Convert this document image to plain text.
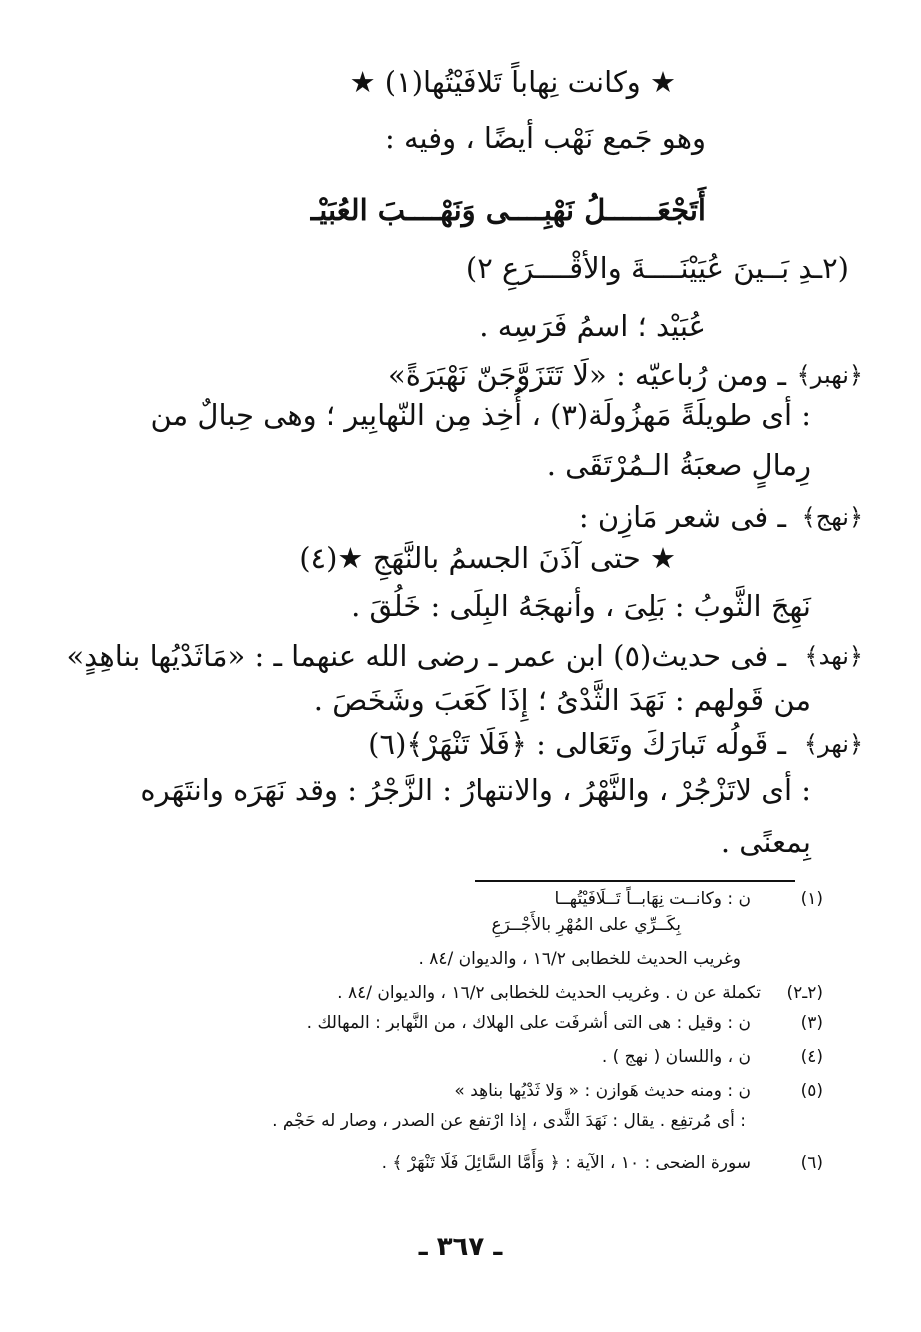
★ وكانت نِهاباً تَلافَيْتُها(١) ★
وهو جَمع نَهْب أيضًا ، وفيه :
أَتَجْعَــــــلُ نَهْبِــــى وَنَهْــــبَ العُبَيْـ
(٢ـدِ بَــينَ عُيَيْنَــــةَ والأقْــــرَعِ ٢)
عُبَيْد ؛ اسمُ فَرَسِه .
﴿نهبر﴾
ـ ومن رُباعيّه : «لَا تَتَزَوَّجَنّ نَهْبَرَةً»
: أى طويلَةً مَهزُولَة(٣) ، أُخِذ مِن النّهابِير ؛ وهى حِبالٌ من
رِمالٍ صعبَةُ الـمُرْتَقَى .
﴿نهج﴾
ـ فى شعر مَازِن :
★ حتى آذَنَ الجسمُ بالنَّهَجِ ★(٤)
نَهِجَ الثَّوبُ : بَلِىَ ، وأنهجَهُ البِلَى : خَلُقَ .
﴿نهد﴾
ـ فى حديث(٥) ابن عمر ـ رضى الله عنهما ـ : «مَاثَدْيُها بناهِدٍ»
من قَولهم : نَهَدَ الثَّدْىُ ؛ إِذَا كَعَبَ وشَخَصَ .
﴿نهر﴾
ـ قَولُه تَبارَكَ وتَعَالى : ﴿فَلَا تَنْهَرْ﴾(٦)
: أى لاتَزْجُرْ ، والنَّهْرُ ، والانتهارُ : الزَّجْرُ : وقد نَهَرَه وانتَهَره
بِمعنًى .
(١)
ن : وكانــت نِهَابــاً تَــلَافَيْتُهــا
بِكَــرِّي على المُهْرِ بالأَجْــرَعِ
وغريب الحديث للخطابى ١٦/٢ ، والديوان /٨٤ .
(٢ـ٢)
تكملة عن ن . وغريب الحديث للخطابى ١٦/٢ ، والديوان /٨٤ .
(٣)
ن : وقيل : هى التى أشرفَت على الهلاك ، من النَّهابر : المهالك .
(٤)
ن ، واللسان ( نهج ) .
(٥)
ن : ومنه حديث هَوازن : « وَلا ثَدْيُها بناهِد »
: أى مُرتفِع . يقال : نَهَدَ الثَّدى ، إذا ارْتفع عن الصدر ، وصار له حَجْم .
(٦)
سورة الضحى : ١٠ ، الآية : ﴿ وَأَمَّا السَّائِلَ فَلَا تَنْهَرْ ﴾ .
ـ ٣٦٧ ـ
